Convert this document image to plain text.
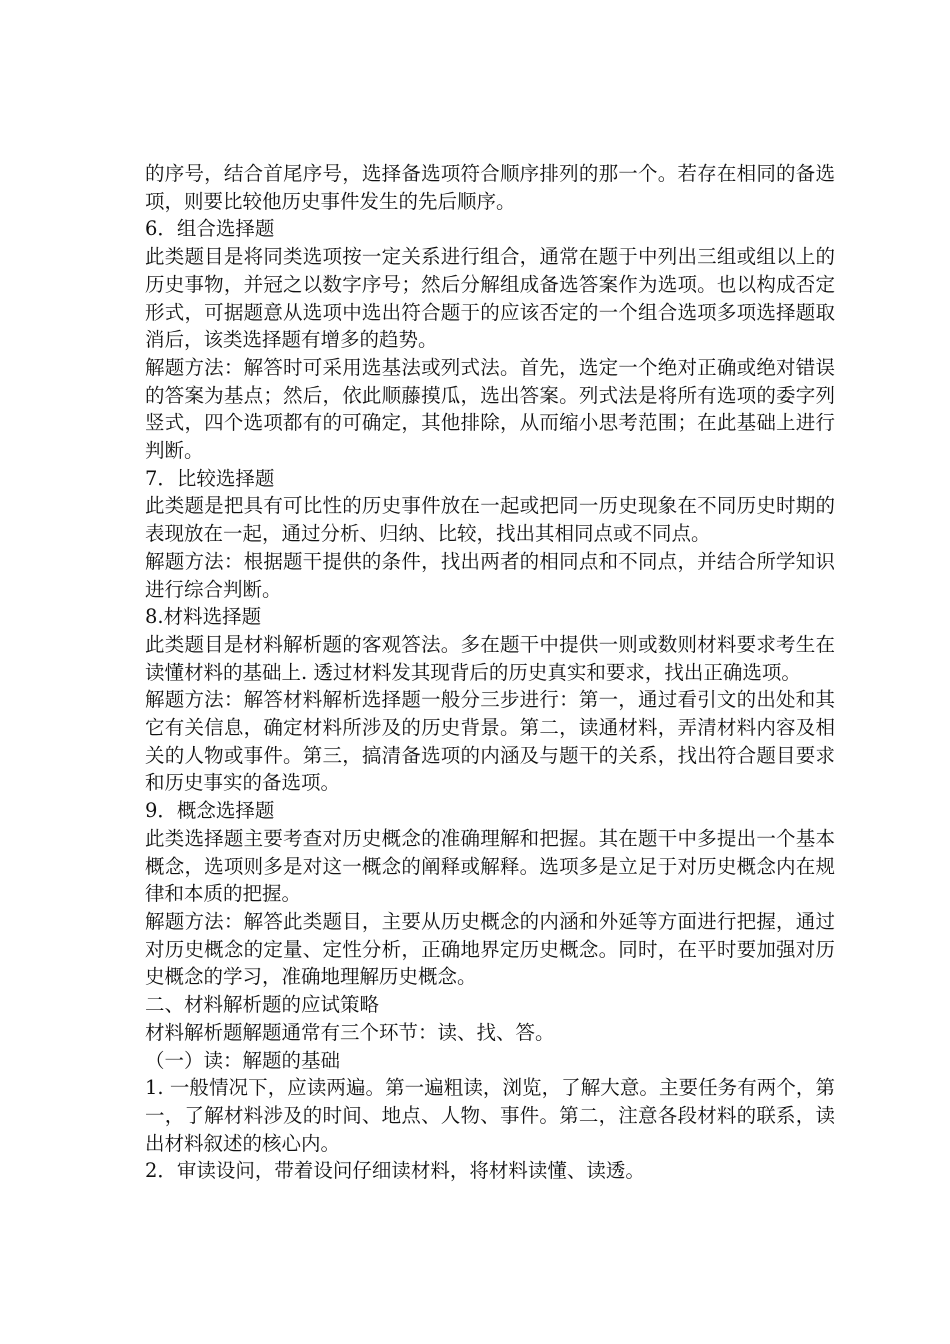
的序号，结合首尾序号，选择备选项符合顺序排列的那一个。若存在相同的备选项，则要比较他历史事件发生的先后顺序。

6．组合选择题

此类题目是将同类选项按一定关系进行组合，通常在题于中列出三组或组以上的历史事物，并冠之以数字序号；然后分解组成备选答案作为选项。也以构成否定形式，可据题意从选项中选出符合题于的应该否定的一个组合选项多项选择题取消后，该类选择题有增多的趋势。

解题方法：解答时可采用选基法或列式法。首先，选定一个绝对正确或绝对错误的答案为基点；然后，依此顺藤摸瓜，选出答案。列式法是将所有选项的委字列竖式，四个选项都有的可确定，其他排除，从而缩小思考范围；在此基础上进行判断。

7．比较选择题

此类题是把具有可比性的历史事件放在一起或把同一历史现象在不同历史时期的表现放在一起，通过分析、归纳、比较，找出其相同点或不同点。

解题方法：根据题干提供的条件，找出两者的相同点和不同点，并结合所学知识进行综合判断。

8.材料选择题

此类题目是材料解析题的客观答法。多在题干中提供一则或数则材料要求考生在读懂材料的基础上. 透过材料发其现背后的历史真实和要求，找出正确选项。

解题方法：解答材料解析选择题一般分三步进行：第一，通过看引文的出处和其它有关信息，确定材料所涉及的历史背景。第二，读通材料，弄清材料内容及相关的人物或事件。第三，搞清备选项的内涵及与题干的关系，找出符合题目要求和历史事实的备选项。

9．概念选择题

此类选择题主要考查对历史概念的准确理解和把握。其在题干中多提出一个基本概念，选项则多是对这一概念的阐释或解释。选项多是立足于对历史概念内在规律和本质的把握。

解题方法：解答此类题目，主要从历史概念的内涵和外延等方面进行把握，通过对历史概念的定量、定性分析，正确地界定历史概念。同时，在平时要加强对历史概念的学习，准确地理解历史概念。

二、材料解析题的应试策略

材料解析题解题通常有三个环节：读、找、答。

（一）读：解题的基础

1. 一般情况下，应读两遍。第一遍粗读，浏览，了解大意。主要任务有两个，第一，了解材料涉及的时间、地点、人物、事件。第二，注意各段材料的联系，读出材料叙述的核心内。

2．审读设问，带着设问仔细读材料，将材料读懂、读透。
